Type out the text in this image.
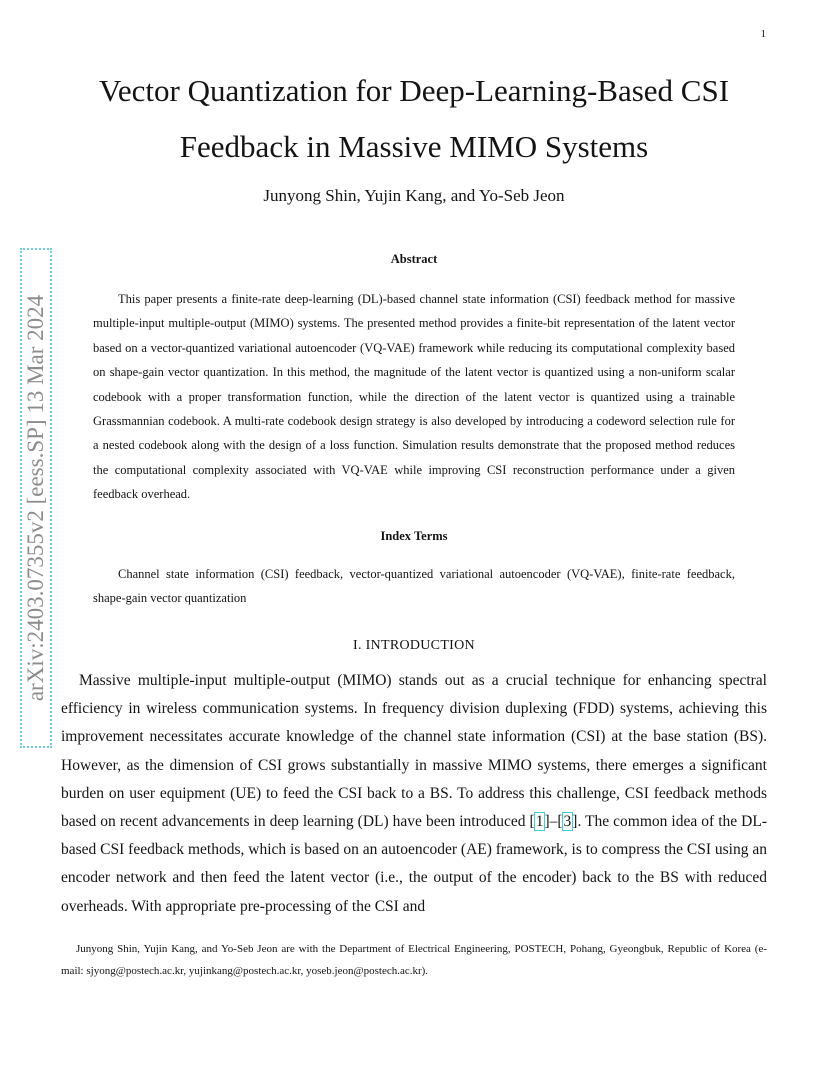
1
Vector Quantization for Deep-Learning-Based CSI Feedback in Massive MIMO Systems
Junyong Shin, Yujin Kang, and Yo-Seb Jeon
arXiv:2403.07355v2 [eess.SP] 13 Mar 2024
Abstract

This paper presents a finite-rate deep-learning (DL)-based channel state information (CSI) feedback method for massive multiple-input multiple-output (MIMO) systems. The presented method provides a finite-bit representation of the latent vector based on a vector-quantized variational autoencoder (VQ-VAE) framework while reducing its computational complexity based on shape-gain vector quantization. In this method, the magnitude of the latent vector is quantized using a non-uniform scalar codebook with a proper transformation function, while the direction of the latent vector is quantized using a trainable Grassmannian codebook. A multi-rate codebook design strategy is also developed by introducing a codeword selection rule for a nested codebook along with the design of a loss function. Simulation results demonstrate that the proposed method reduces the computational complexity associated with VQ-VAE while improving CSI reconstruction performance under a given feedback overhead.

Index Terms

Channel state information (CSI) feedback, vector-quantized variational autoencoder (VQ-VAE), finite-rate feedback, shape-gain vector quantization

I. INTRODUCTION

Massive multiple-input multiple-output (MIMO) stands out as a crucial technique for enhancing spectral efficiency in wireless communication systems. In frequency division duplexing (FDD) systems, achieving this improvement necessitates accurate knowledge of the channel state information (CSI) at the base station (BS). However, as the dimension of CSI grows substantially in massive MIMO systems, there emerges a significant burden on user equipment (UE) to feed the CSI back to a BS. To address this challenge, CSI feedback methods based on recent advancements in deep learning (DL) have been introduced [1]–[3]. The common idea of the DL-based CSI feedback methods, which is based on an autoencoder (AE) framework, is to compress the CSI using an encoder network and then feed the latent vector (i.e., the output of the encoder) back to the BS with reduced overheads. With appropriate pre-processing of the CSI and

Junyong Shin, Yujin Kang, and Yo-Seb Jeon are with the Department of Electrical Engineering, POSTECH, Pohang, Gyeongbuk, Republic of Korea (e-mail: sjyong@postech.ac.kr, yujinkang@postech.ac.kr, yoseb.jeon@postech.ac.kr).
